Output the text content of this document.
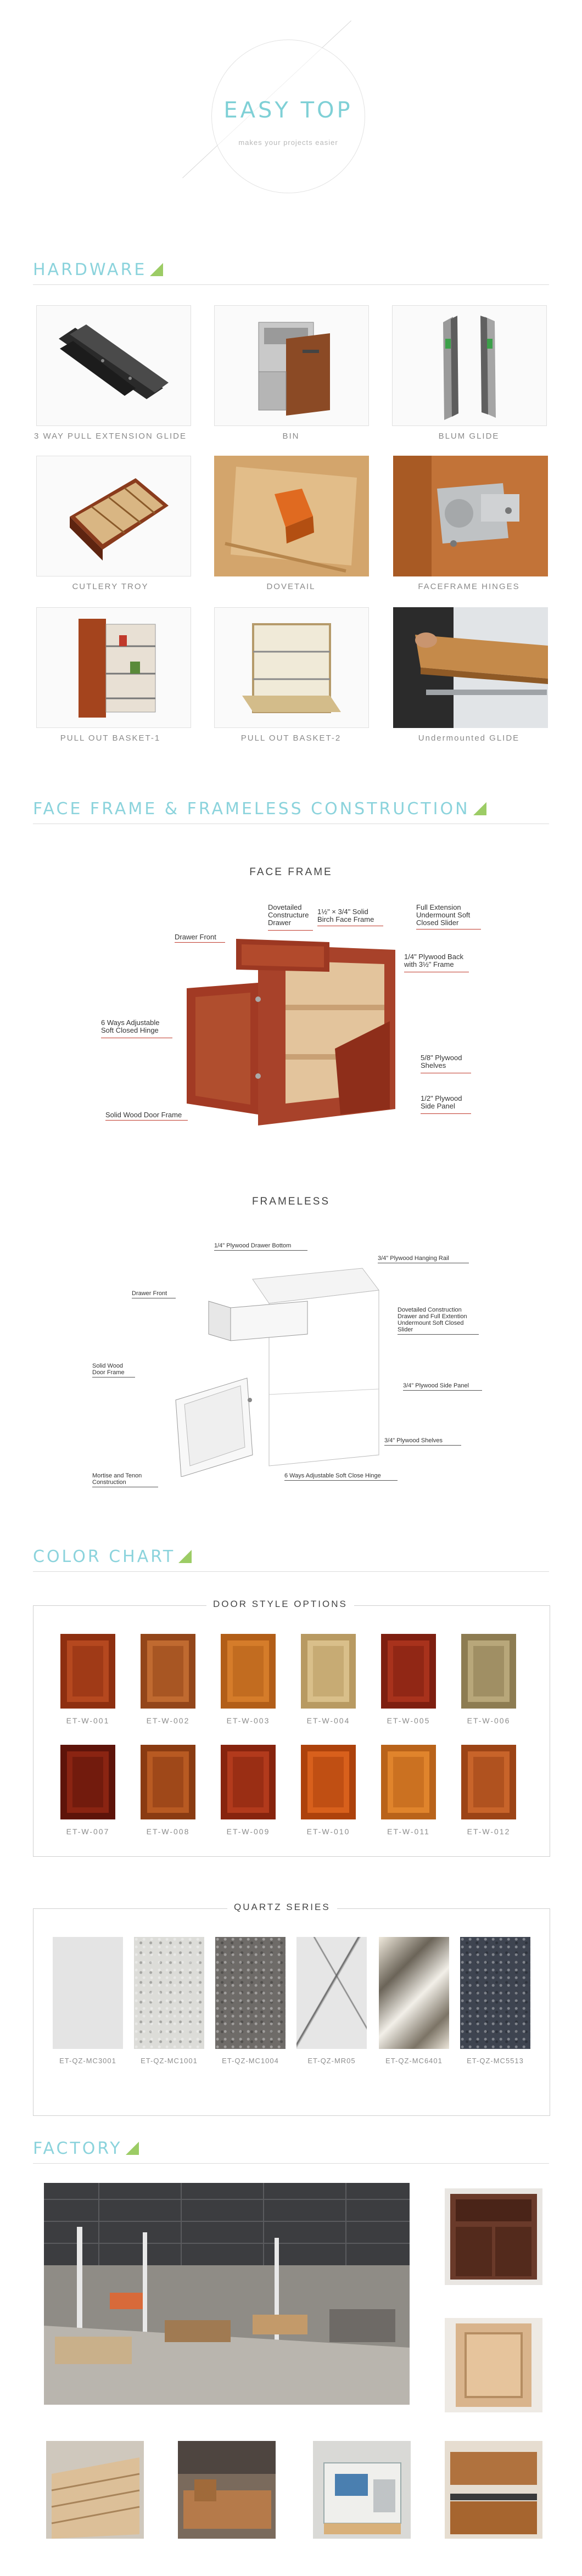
EASY TOP
makes your projects easier
HARDWARE
3 WAY PULL EXTENSION GLIDE	BIN	BLUM GLIDE
CUTLERY TROY	DOVETAIL	FACEFRAME HINGES
PULL OUT BASKET-1	PULL OUT BASKET-2	Undermounted GLIDE
FACE FRAME & FRAMELESS CONSTRUCTION
FACE FRAME
Dovetailed
Constructure
Drawer
1½" × 3/4" Solid
Birch Face Frame
Full Extension
Undermount Soft
Closed Slider
Drawer Front
1/4" Plywood Back
with 3½" Frame
6 Ways Adjustable
Soft Closed Hinge
5/8" Plywood
Shelves
1/2" Plywood
Side Panel
Solid Wood Door Frame
FRAMELESS
1/4" Plywood Drawer Bottom
3/4" Plywood Hanging Rail
Drawer Front
Dovetailed Construction
Drawer and Full Extention
Undermount Soft Closed
Slider
Solid Wood
Door Frame
3/4" Plywood Side Panel
3/4" Plywood Shelves
Mortise and Tenon
Construction
6 Ways Adjustable Soft Close Hinge
COLOR CHART
DOOR STYLE OPTIONS
ET-W-001	ET-W-002	ET-W-003	ET-W-004	ET-W-005	ET-W-006
ET-W-007	ET-W-008	ET-W-009	ET-W-010	ET-W-011	ET-W-012
QUARTZ SERIES
ET-QZ-MC3001	ET-QZ-MC1001	ET-QZ-MC1004	ET-QZ-MR05	ET-QZ-MC6401	ET-QZ-MC5513
FACTORY
